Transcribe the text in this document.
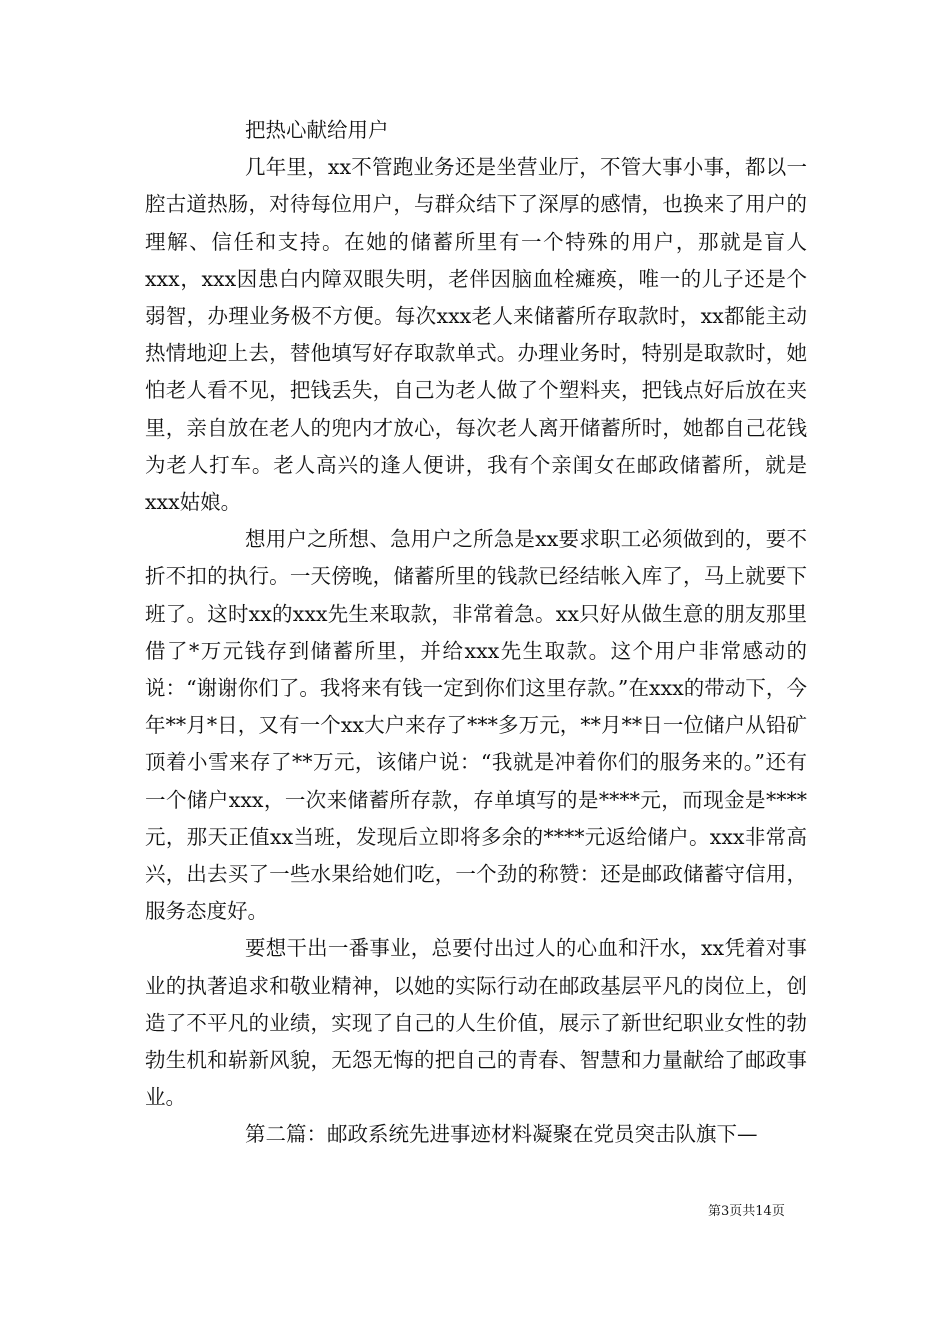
把热心献给用户

几年里，xx不管跑业务还是坐营业厅，不管大事小事，都以一腔古道热肠，对待每位用户，与群众结下了深厚的感情，也换来了用户的理解、信任和支持。在她的储蓄所里有一个特殊的用户，那就是盲人xxx，xxx因患白内障双眼失明，老伴因脑血栓瘫痪，唯一的儿子还是个弱智，办理业务极不方便。每次xxx老人来储蓄所存取款时，xx都能主动热情地迎上去，替他填写好存取款单式。办理业务时，特别是取款时，她怕老人看不见，把钱丢失，自己为老人做了个塑料夹，把钱点好后放在夹里，亲自放在老人的兜内才放心，每次老人离开储蓄所时，她都自己花钱为老人打车。老人高兴的逢人便讲，我有个亲闺女在邮政储蓄所，就是xxx姑娘。

想用户之所想、急用户之所急是xx要求职工必须做到的，要不折不扣的执行。一天傍晚，储蓄所里的钱款已经结帐入库了，马上就要下班了。这时xx的xxx先生来取款，非常着急。xx只好从做生意的朋友那里借了*万元钱存到储蓄所里，并给xxx先生取款。这个用户非常感动的说：“谢谢你们了。我将来有钱一定到你们这里存款。”在xxx的带动下，今年**月*日，又有一个xx大户来存了***多万元，**月**日一位储户从铅矿顶着小雪来存了**万元，该储户说：“我就是冲着你们的服务来的。”还有一个储户xxx，一次来储蓄所存款，存单填写的是****元，而现金是****元，那天正值xx当班，发现后立即将多余的****元返给储户。xxx非常高兴，出去买了一些水果给她们吃，一个劲的称赞：还是邮政储蓄守信用，服务态度好。

要想干出一番事业，总要付出过人的心血和汗水，xx凭着对事业的执著追求和敬业精神，以她的实际行动在邮政基层平凡的岗位上，创造了不平凡的业绩，实现了自己的人生价值，展示了新世纪职业女性的勃勃生机和崭新风貌，无怨无悔的把自己的青春、智慧和力量献给了邮政事业。

第二篇：邮政系统先进事迹材料凝聚在党员突击队旗下—

第3页共14页
